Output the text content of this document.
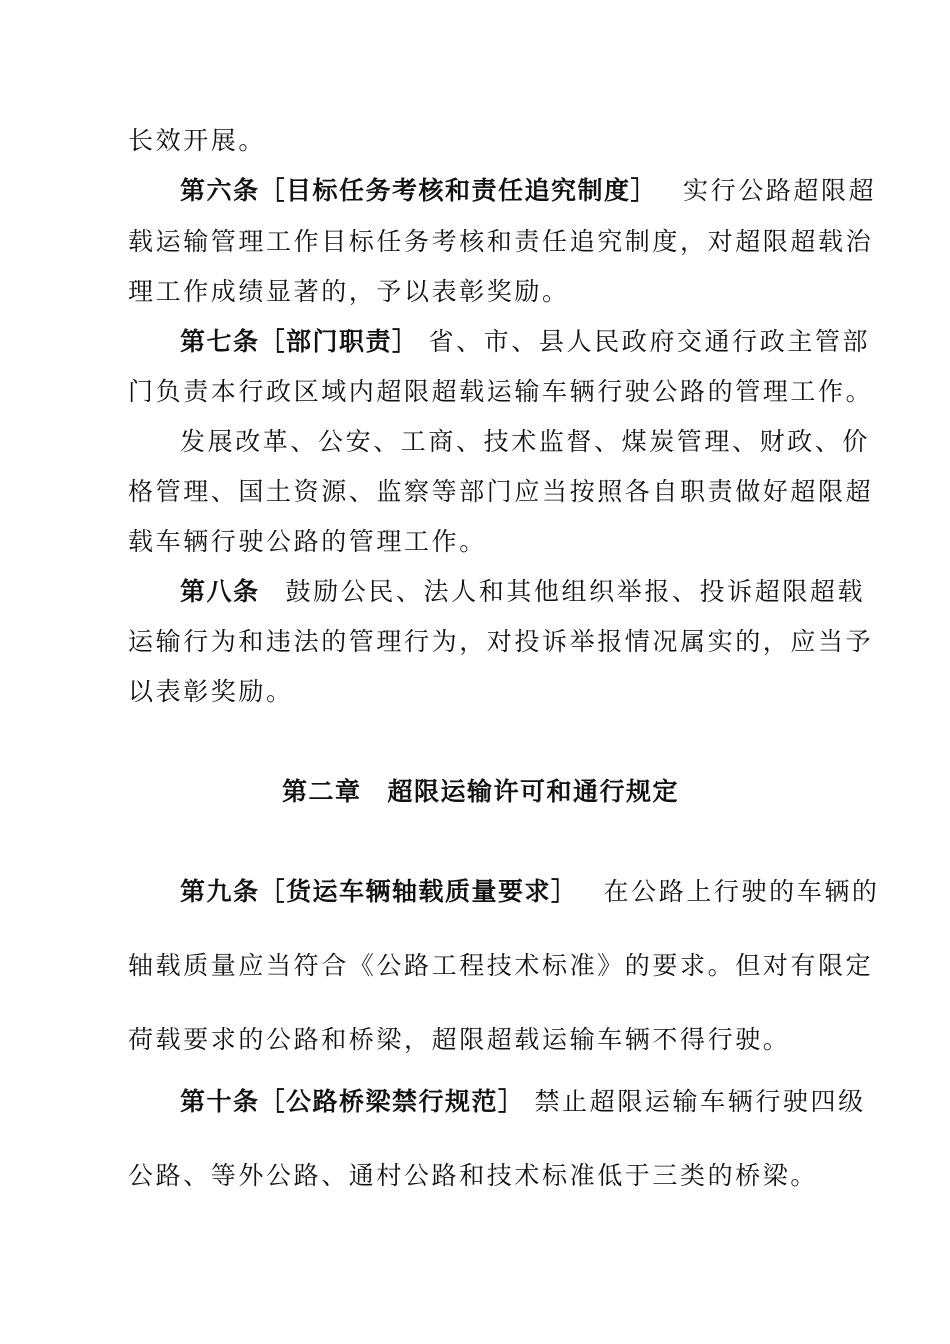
长效开展。
第六条［目标任务考核和责任追究制度］ 实行公路超限超
载运输管理工作目标任务考核和责任追究制度，对超限超载治
理工作成绩显著的，予以表彰奖励。
第七条［部门职责］ 省、市、县人民政府交通行政主管部
门负责本行政区域内超限超载运输车辆行驶公路的管理工作。
发展改革、公安、工商、技术监督、煤炭管理、财政、价
格管理、国土资源、监察等部门应当按照各自职责做好超限超
载车辆行驶公路的管理工作。
第八条 鼓励公民、法人和其他组织举报、投诉超限超载
运输行为和违法的管理行为，对投诉举报情况属实的，应当予
以表彰奖励。
第二章 超限运输许可和通行规定
第九条［货运车辆轴载质量要求］ 在公路上行驶的车辆的
轴载质量应当符合《公路工程技术标准》的要求。但对有限定
荷载要求的公路和桥梁，超限超载运输车辆不得行驶。
第十条［公路桥梁禁行规范］ 禁止超限运输车辆行驶四级
公路、等外公路、通村公路和技术标准低于三类的桥梁。
